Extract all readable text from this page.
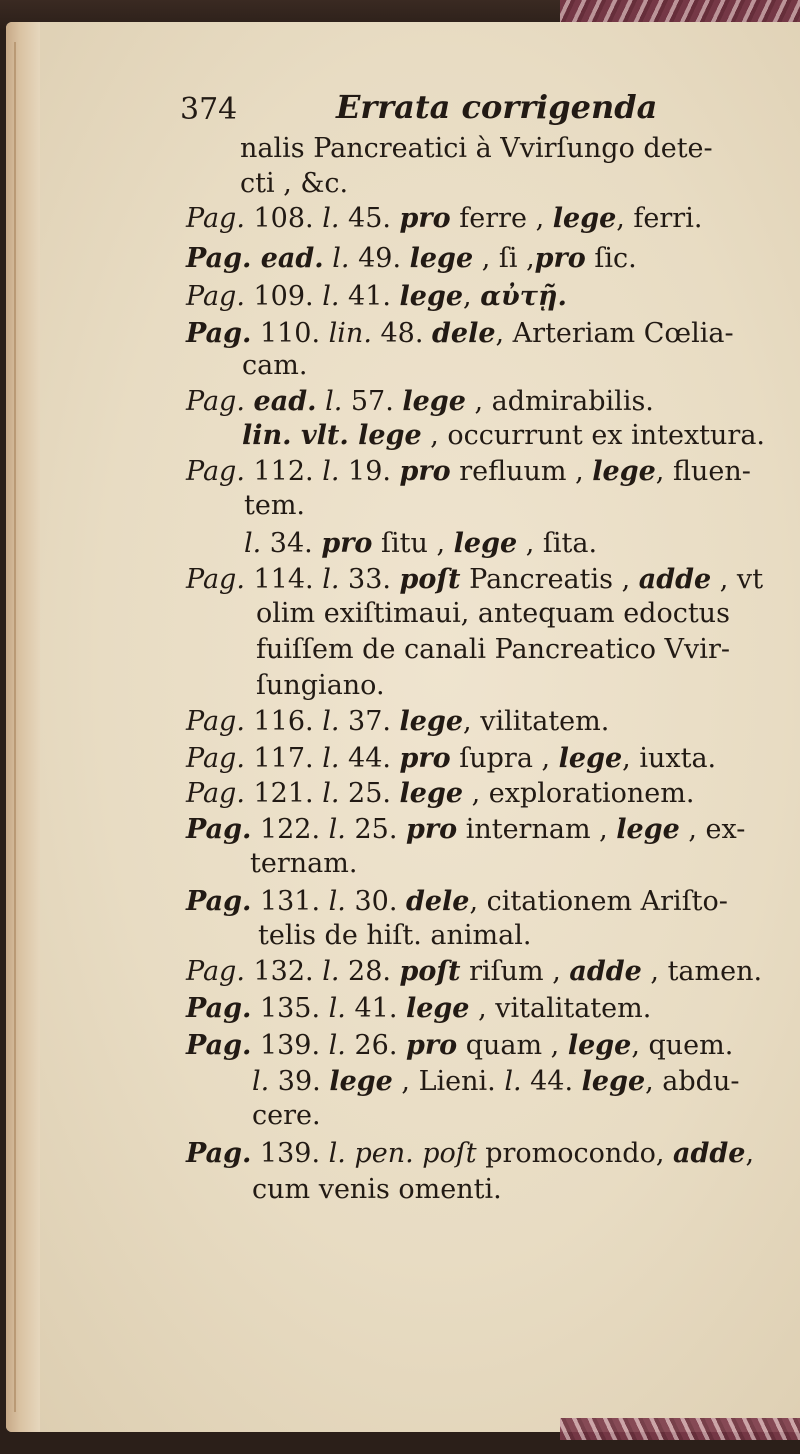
374	Errata corrigenda
nalis Pancreatici à Vvirſungo dete-
cti , &c.
Pag. 108. l. 45. pro ferre , lege, ferri.
Pag. ead. l. 49. lege , ſi ,pro ſic.
Pag. 109. l. 41. lege, αὐτῇ.
Pag. 110. lin. 48. dele, Arteriam Cœlia-
cam.
Pag. ead. l. 57. lege , admirabilis.
lin. vlt. lege , occurrunt ex intextura.
Pag. 112. l. 19. pro refluum , lege, fluen-
tem.
l. 34. pro ſitu , lege , ſita.
Pag. 114. l. 33. poſt Pancreatis , adde , vt
olim exiſtimaui, antequam edoctus
fuiſſem de canali Pancreatico Vvir-
ſungiano.
Pag. 116. l. 37. lege, vilitatem.
Pag. 117. l. 44. pro ſupra , lege, iuxta.
Pag. 121. l. 25. lege , explorationem.
Pag. 122. l. 25. pro internam , lege , ex-
ternam.
Pag. 131. l. 30. dele, citationem Ariſto-
telis de hiſt. animal.
Pag. 132. l. 28. poſt riſum , adde , tamen.
Pag. 135. l. 41. lege , vitalitatem.
Pag. 139. l. 26. pro quam , lege, quem.
l. 39. lege , Lieni. l. 44. lege, abdu-
cere.
Pag. 139. l. pen. poſt promocondo, adde,
cum venis omenti.
